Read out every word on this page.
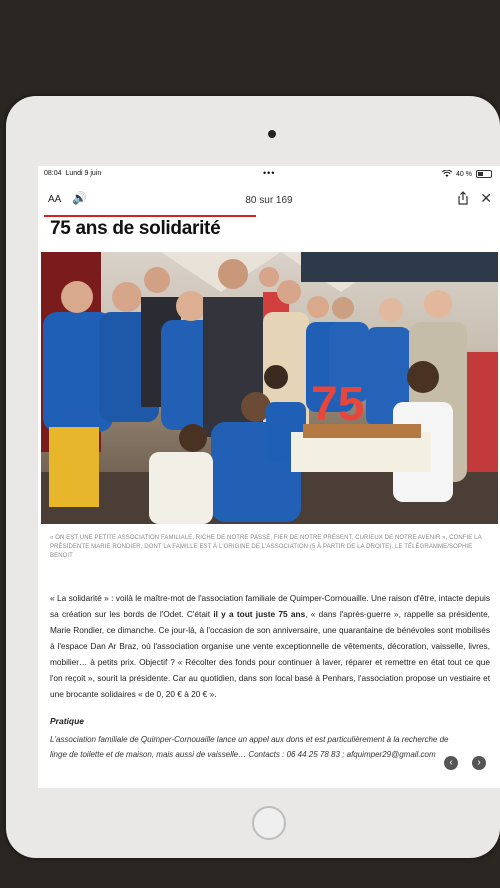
08:04 Lundi 9 juin	•••	40 %
AA 🔊	80 sur 169	✕
75 ans de solidarité
75
« ON EST UNE PETITE ASSOCIATION FAMILIALE, RICHE DE NOTRE PASSÉ, FIER DE NOTRE PRÉSENT, CURIEUX DE NOTRE AVENIR », CONFIE LA PRÉSIDENTE MARIE RONDIER, DONT LA FAMILLE EST À L'ORIGINE DE L'ASSOCIATION (5 À PARTIR DE LA DROITE). LE TÉLÉGRAMME/SOPHIE BENOIT
« La solidarité » : voilà le maître-mot de l'association familiale de Quimper-Cornouaille. Une raison d'être, intacte depuis sa création sur les bords de l'Odet. C'était il y a tout juste 75 ans, « dans l'après-guerre », rappelle sa présidente, Marie Rondier, ce dimanche. Ce jour-là, à l'occasion de son anniversaire, une quarantaine de bénévoles sont mobilisés à l'espace Dan Ar Braz, où l'association organise une vente exceptionnelle de vêtements, décoration, vaisselle, livres, mobilier… à petits prix. Objectif ? « Récolter des fonds pour continuer à laver, réparer et remettre en état tout ce que l'on reçoit », sourit la présidente. Car au quotidien, dans son local basé à Penhars, l'association propose un vestiaire et une brocante solidaires « de 0, 20 € à 20 € ».
Pratique
L'association familiale de Quimper-Cornouaille lance un appel aux dons et est particulièrement à la recherche de linge de toilette et de maison, mais aussi de vaisselle… Contacts : 06 44 25 78 83 ; afquimper29@gmail.com
‹	›
